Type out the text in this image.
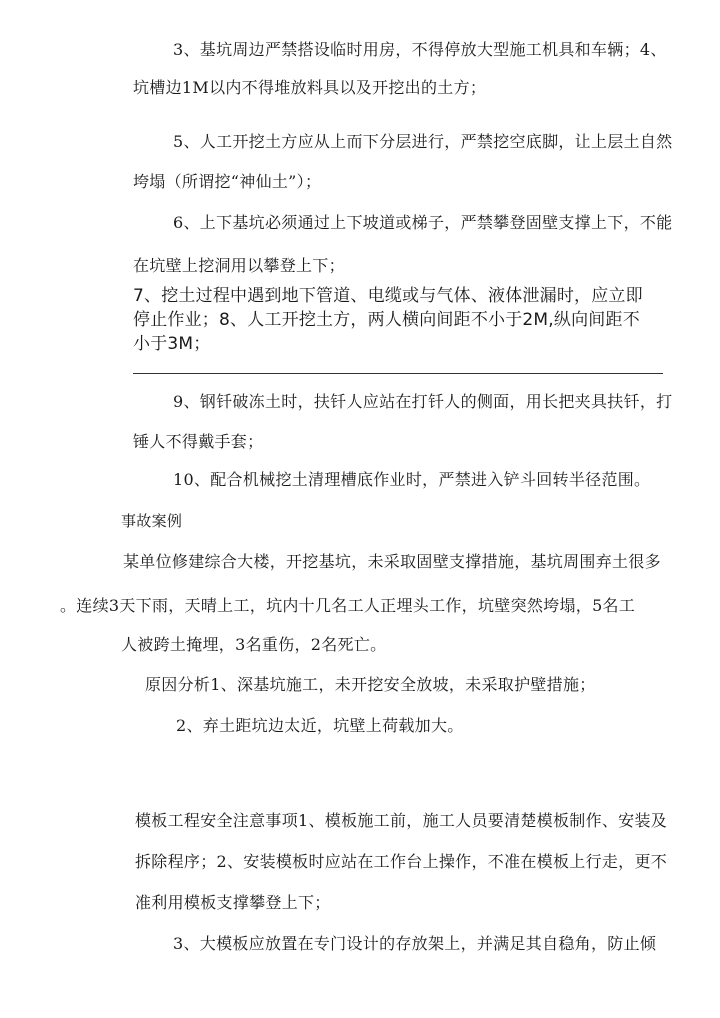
3、基坑周边严禁搭设临时用房，不得停放大型施工机具和车辆；4、
坑槽边1M以内不得堆放料具以及开挖出的土方；
5、人工开挖土方应从上而下分层进行，严禁挖空底脚，让上层土自然
垮塌（所谓挖“神仙土”）；
6、上下基坑必须通过上下坡道或梯子，严禁攀登固壁支撑上下，不能
在坑壁上挖洞用以攀登上下；
7、挖土过程中遇到地下管道、电缆或与气体、液体泄漏时，应立即
停止作业；8、人工开挖土方，两人横向间距不小于2M,纵向间距不
小于3M；
9、钢钎破冻土时，扶钎人应站在打钎人的侧面，用长把夹具扶钎，打
锤人不得戴手套；
10、配合机械挖土清理槽底作业时，严禁进入铲斗回转半径范围。
事故案例
某单位修建综合大楼，开挖基坑，未采取固壁支撑措施，基坑周围弃土很多
。连续3天下雨，天晴上工，坑内十几名工人正埋头工作，坑壁突然垮塌，5名工
人被跨土掩埋，3名重伤，2名死亡。
原因分析1、深基坑施工，未开挖安全放坡，未采取护壁措施；
2、弃土距坑边太近，坑壁上荷载加大。
模板工程安全注意事项1、模板施工前，施工人员要清楚模板制作、安装及
拆除程序；2、安装模板时应站在工作台上操作，不准在模板上行走，更不
准利用模板支撑攀登上下；
3、大模板应放置在专门设计的存放架上，并满足其自稳角，防止倾
